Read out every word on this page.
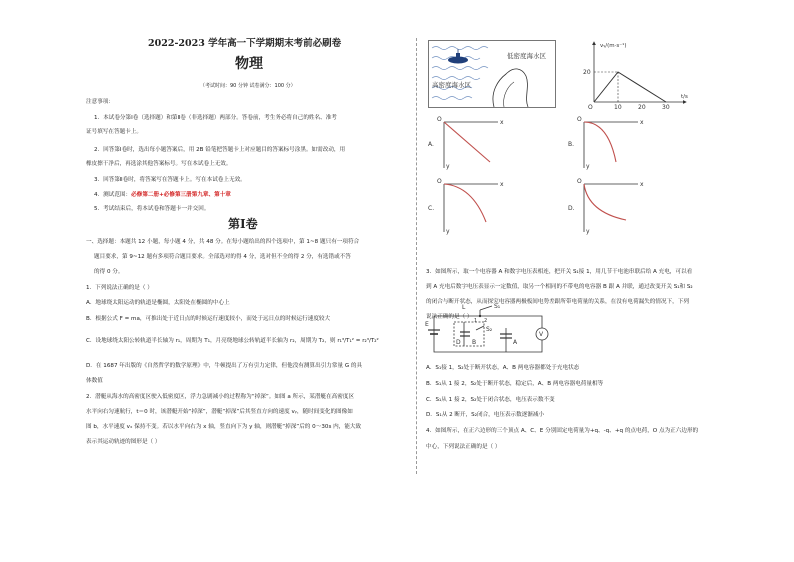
2022-2023 学年高一下学期期末考前必刷卷
物理
（考试时间：90 分钟 试卷满分：100 分）
注意事项：
1．本试卷分第Ⅰ卷（选择题）和第Ⅱ卷（非选择题）两部分。答卷前，考生务必将自己的姓名、准考
证号填写在答题卡上。
2．回答第Ⅰ卷时，选出每小题答案后，用 2B 铅笔把答题卡上对应题目的答案标号涂黑。如需改动，用
橡皮擦干净后，再选涂其他答案标号。写在本试卷上无效。
3．回答第Ⅱ卷时，将答案写在答题卡上。写在本试卷上无效。
4．测试范围：必修第二册+必修第三册第九章、第十章
5．考试结束后，将本试卷和答题卡一并交回。
第Ⅰ卷
一、选择题：本题共 12 小题，每小题 4 分，共 48 分。在每小题给出的四个选项中，第 1~8 题只有一项符合
题目要求，第 9~12 题有多项符合题目要求。全部选对的得 4 分，选对但不全的得 2 分，有选错或不答
的得 0 分。
1．下列说法正确的是（ ）
A．地球绕太阳运动的轨道是椭圆，太阳处在椭圆的中心上
B．根据公式 F = ma，可推出处于近日点的时候运行速度较小，而处于远日点的时候运行速度较大
C．设地球绕太阳公转轨道半长轴为 r₁，周期为 T₁，月亮绕地球公转轨道半长轴为 r₂，周期为 T₂，则 r₁³/T₁² = r₂³/T₂²
D．在 1687 年出版的《自然哲学的数学原理》中，牛顿提出了万有引力定律，但他没有测算出引力常量 G 的具
体数值
2．潜艇从海水的高密度区驶入低密度区，浮力急剧减小的过程称为“掉深”。如图 a 所示，某潜艇在高密度区
水平向右匀速航行，t＝0 时，该潜艇开始“掉深”，潜艇“掉深”后其竖直方向的速度 vᵧ，随时间变化的图像如
图 b，水平速度 vₓ 保持不变。若以水平向右为 x 轴，竖直向下为 y 轴，则潜艇“掉深”后的 0～30s 内，能大致
表示其运动轨迹的图形是（ ）
低密度海水区
高密度海水区
vᵧ/(m·s⁻¹)
t/s
20
10	20	30
O
O	x
y
A.
O	x
y
B.
O	x
y
C.
O	x
y
D.
3．如图所示，取一个电容器 A 和数字电压表相连，把开关 S₁接 1，用几节干电池串联后给 A 充电，可以看
到 A 充电后数字电压表显示一定数值，取另一个相同的不带电的电容器 B 跟 A 并联，通过改变开关 S₁和 S₂
的闭合与断开状态，从而探究电容器两极板间电势差跟所带电荷量的关系，在没有电荷漏失的情况下，下列
说法正确的是（ ）
L	S₁
1 2
S₂
B	A
D
E
V
A．S₁接 1，S₂处于断开状态，A、B 两电容器都处于充电状态
B．S₁从 1 接 2，S₂处于断开状态，稳定后，A、B 两电容器电荷量相等
C．S₁从 1 接 2，S₂处于闭合状态，电压表示数不变
D．S₁从 2 断开，S₂闭合，电压表示数逐渐减小
4．如图所示，在正六边形的三个顶点 A、C、E 分别固定电荷量为+q、-q、+q 的点电荷，O 点为正六边形的
中心，下列说法正确的是（ ）
